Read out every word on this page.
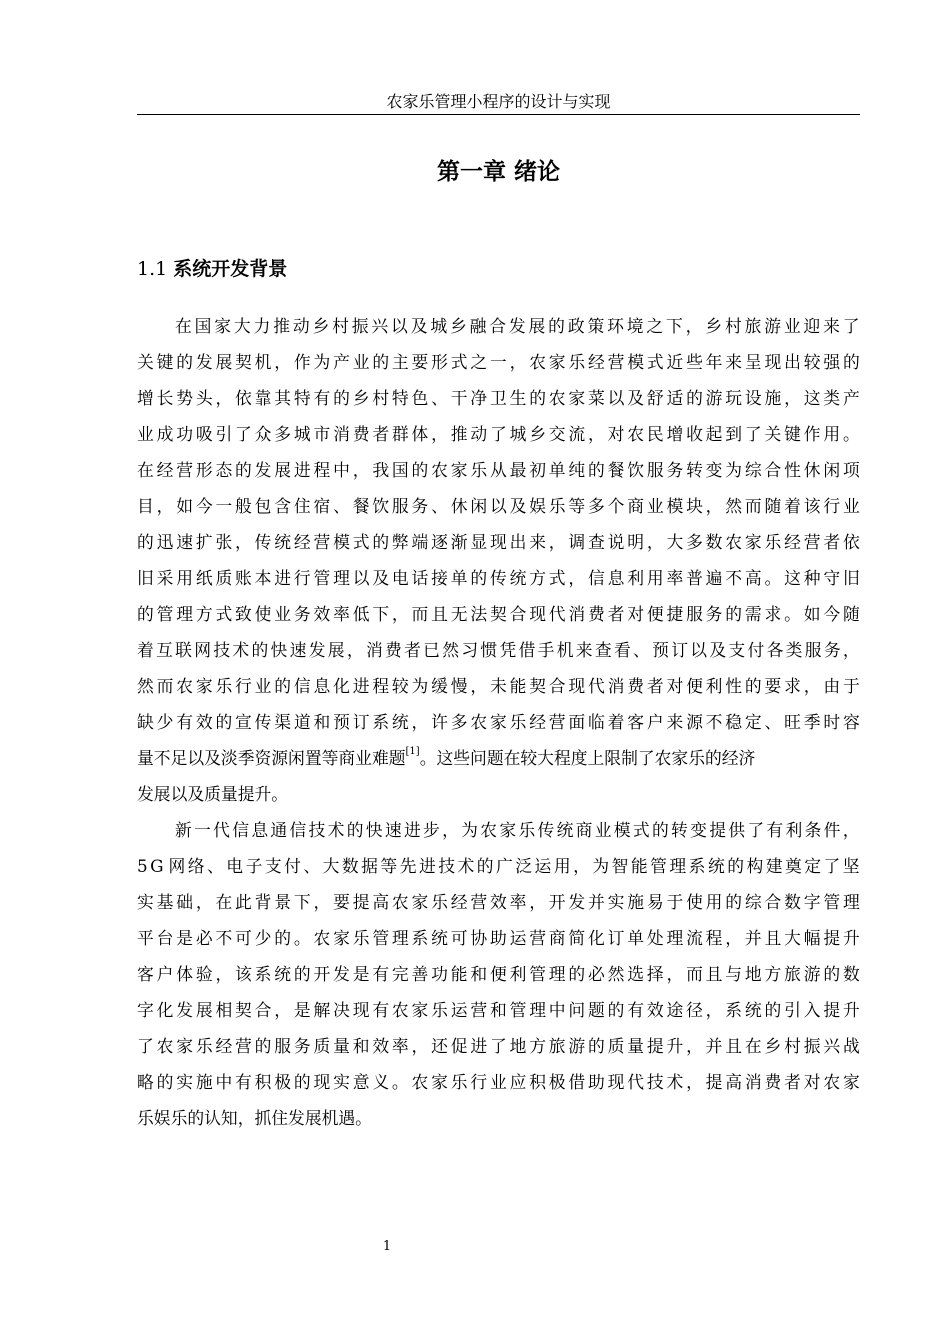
农家乐管理小程序的设计与实现
第一章 绪论
1.1 系统开发背景
在 国 家 大 力 推 动 乡 村 振 兴 以 及 城 乡 融 合 发 展 的 政 策 环 境 之 下 ， 乡 村 旅 游 业 迎 来 了
关 键 的 发 展 契 机 ， 作 为 产 业 的 主 要 形 式 之 一 ， 农 家 乐 经 营 模 式 近 些 年 来 呈 现 出 较 强 的
增 长 势 头 ， 依 靠 其 特 有 的 乡 村 特 色 、 干 净 卫 生 的 农 家 菜 以 及 舒 适 的 游 玩 设 施 ， 这 类 产
业 成 功 吸 引 了 众 多 城 市 消 费 者 群 体 ， 推 动 了 城 乡 交 流 ， 对 农 民 增 收 起 到 了 关 键 作 用 。
在 经 营 形 态 的 发 展 进 程 中 ， 我 国 的 农 家 乐 从 最 初 单 纯 的 餐 饮 服 务 转 变 为 综 合 性 休 闲 项
目 ， 如 今 一 般 包 含 住 宿 、 餐 饮 服 务 、 休 闲 以 及 娱 乐 等 多 个 商 业 模 块 ， 然 而 随 着 该 行 业
的 迅 速 扩 张 ， 传 统 经 营 模 式 的 弊 端 逐 渐 显 现 出 来 ， 调 查 说 明 ， 大 多 数 农 家 乐 经 营 者 依
旧 采 用 纸 质 账 本 进 行 管 理 以 及 电 话 接 单 的 传 统 方 式 ， 信 息 利 用 率 普 遍 不 高 。 这 种 守 旧
的 管 理 方 式 致 使 业 务 效 率 低 下 ， 而 且 无 法 契 合 现 代 消 费 者 对 便 捷 服 务 的 需 求 。 如 今 随
着 互 联 网 技 术 的 快 速 发 展 ， 消 费 者 已 然 习 惯 凭 借 手 机 来 查 看 、 预 订 以 及 支 付 各 类 服 务 ，
然 而 农 家 乐 行 业 的 信 息 化 进 程 较 为 缓 慢 ， 未 能 契 合 现 代 消 费 者 对 便 利 性 的 要 求 ， 由 于
缺 少 有 效 的 宣 传 渠 道 和 预 订 系 统 ， 许 多 农 家 乐 经 营 面 临 着 客 户 来 源 不 稳 定 、 旺 季 时 容
量不足以及淡季资源闲置等商业难题 [1] 。这些问题在较大程度上限制了农家乐的经济
发展以及质量提升。
新 一 代 信 息 通 信 技 术 的 快 速 进 步 ， 为 农 家 乐 传 统 商 业 模 式 的 转 变 提 供 了 有 利 条 件 ，
5 G 网 络 、 电 子 支 付 、 大 数 据 等 先 进 技 术 的 广 泛 运 用 ， 为 智 能 管 理 系 统 的 构 建 奠 定 了 坚
实 基 础 ， 在 此 背 景 下 ， 要 提 高 农 家 乐 经 营 效 率 ， 开 发 并 实 施 易 于 使 用 的 综 合 数 字 管 理
平 台 是 必 不 可 少 的 。 农 家 乐 管 理 系 统 可 协 助 运 营 商 简 化 订 单 处 理 流 程 ， 并 且 大 幅 提 升
客 户 体 验 ， 该 系 统 的 开 发 是 有 完 善 功 能 和 便 利 管 理 的 必 然 选 择 ， 而 且 与 地 方 旅 游 的 数
字 化 发 展 相 契 合 ， 是 解 决 现 有 农 家 乐 运 营 和 管 理 中 问 题 的 有 效 途 径 ， 系 统 的 引 入 提 升
了 农 家 乐 经 营 的 服 务 质 量 和 效 率 ， 还 促 进 了 地 方 旅 游 的 质 量 提 升 ， 并 且 在 乡 村 振 兴 战
略 的 实 施 中 有 积 极 的 现 实 意 义 。 农 家 乐 行 业 应 积 极 借 助 现 代 技 术 ， 提 高 消 费 者 对 农 家
乐娱乐的认知，抓住发展机遇。
1
